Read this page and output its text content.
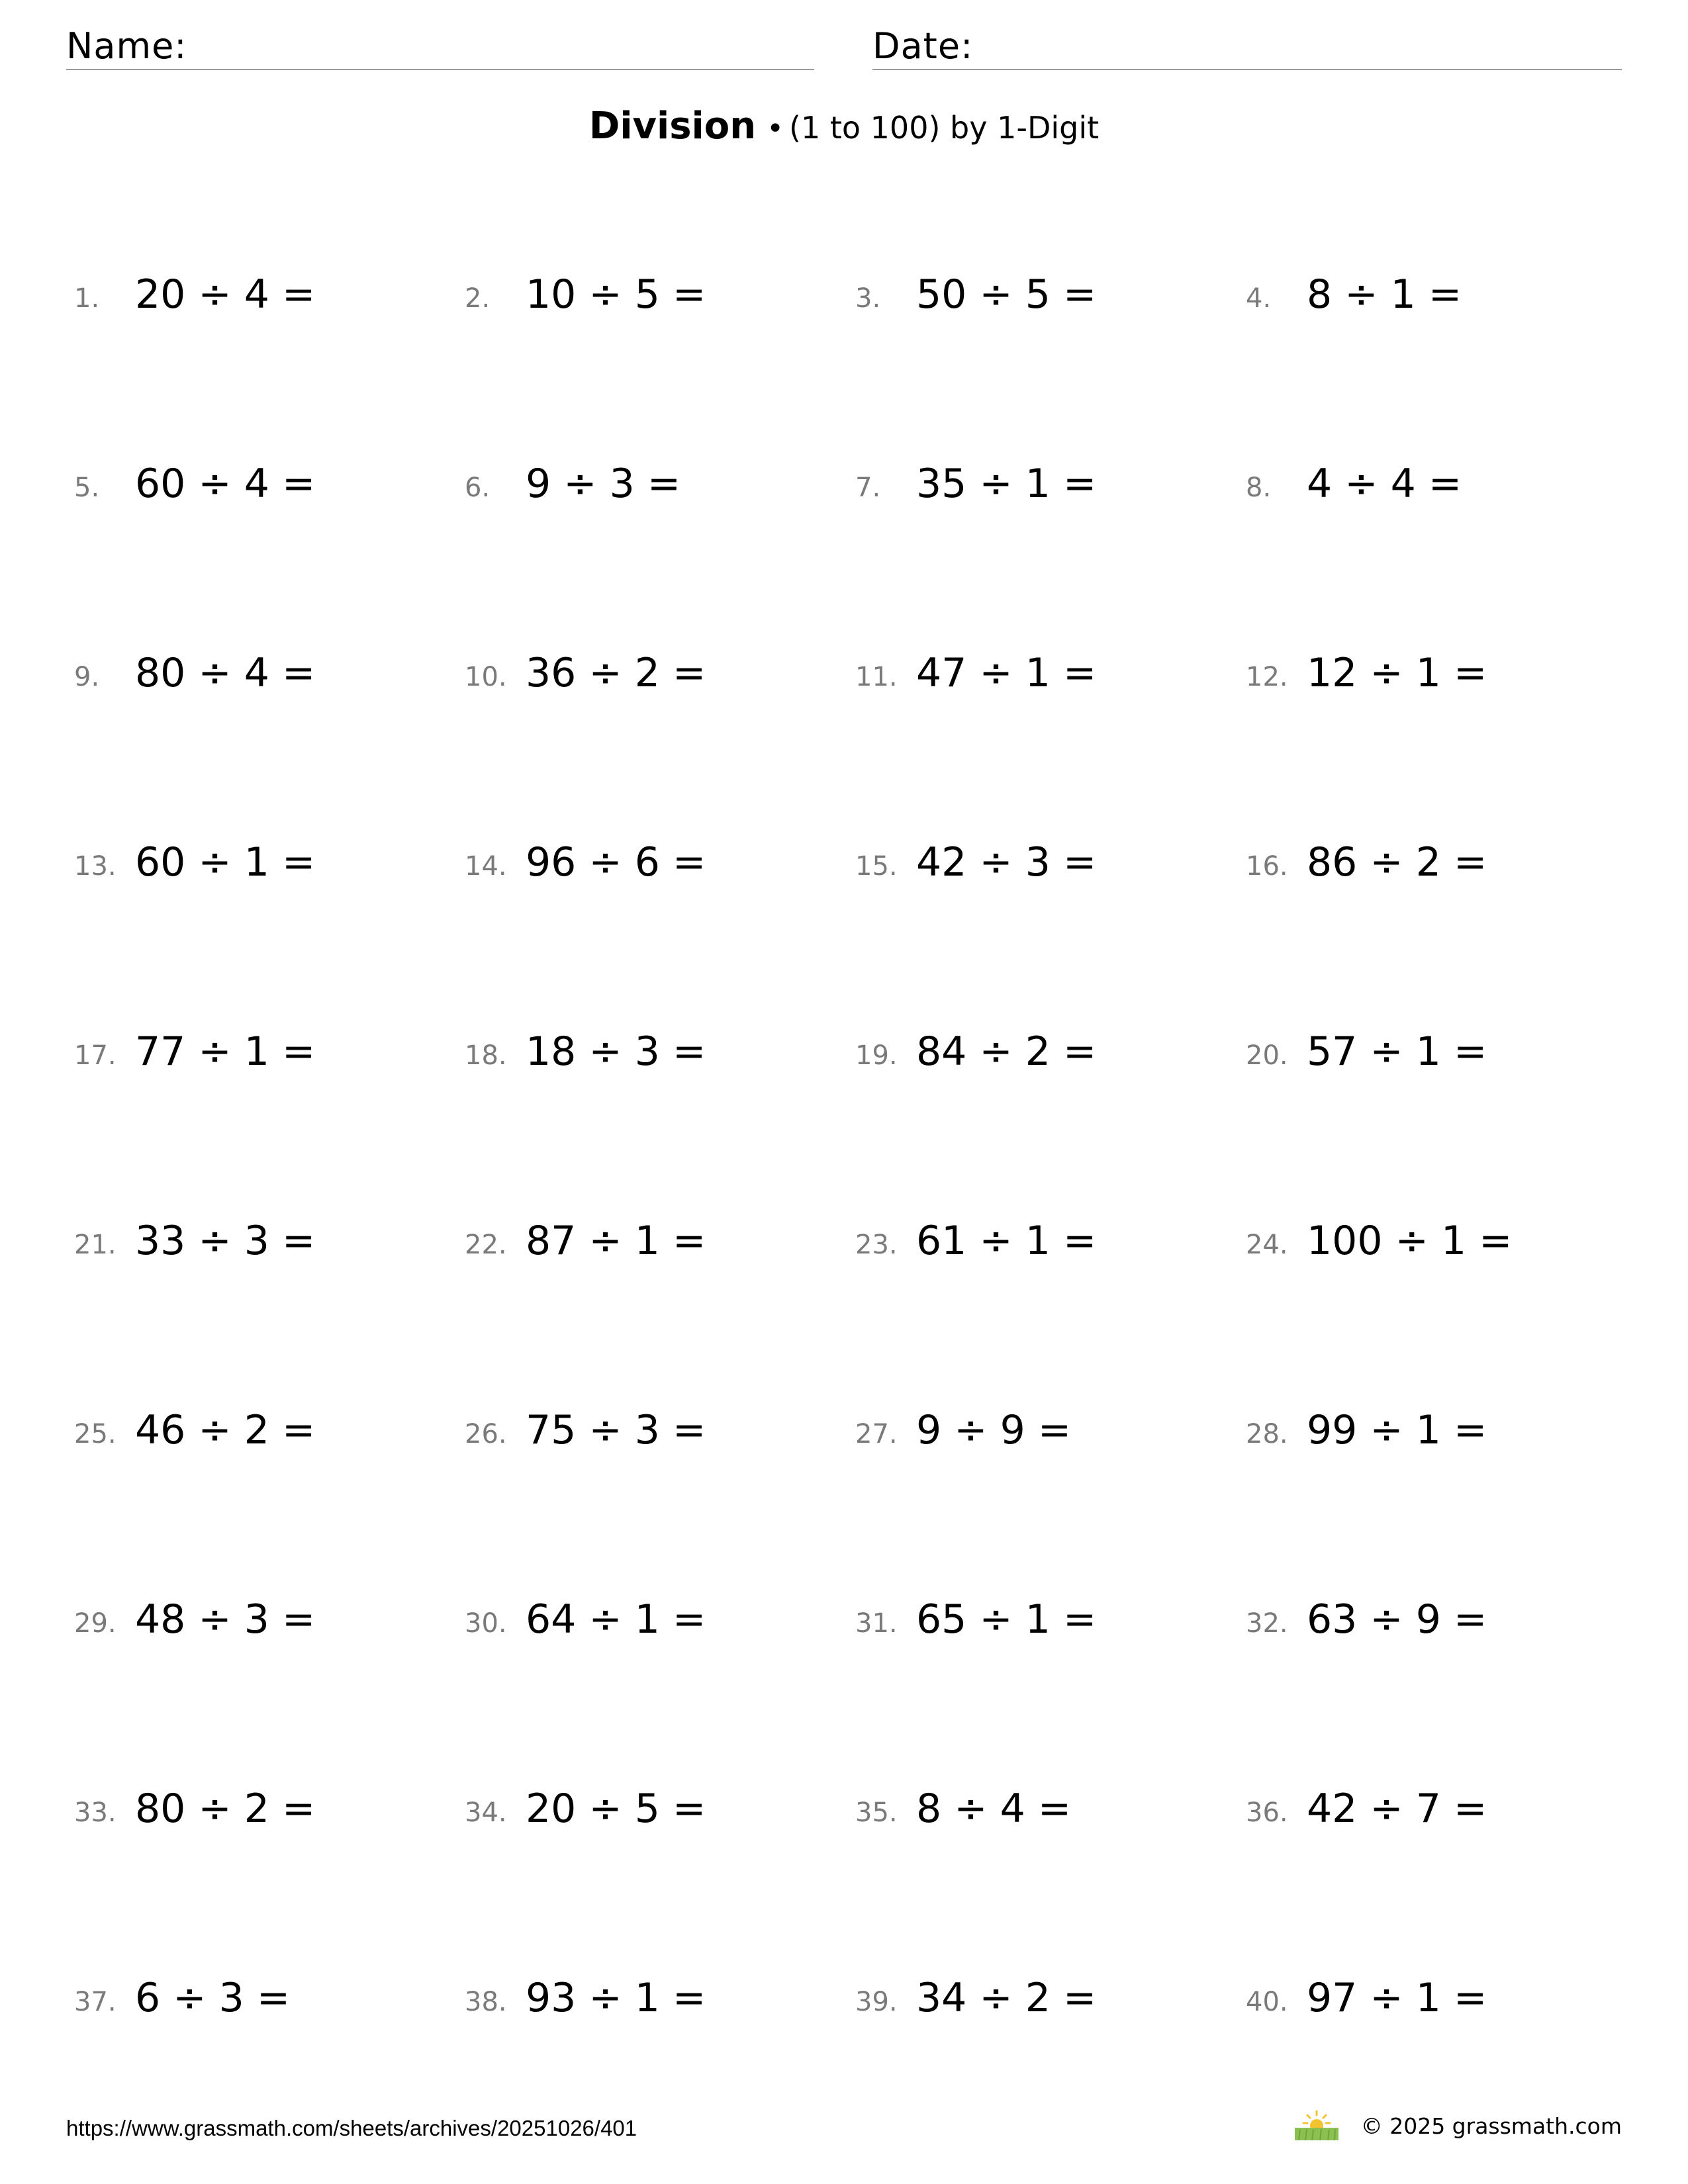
Name:	Date:
Division • (1 to 100) by 1-Digit
1. 20 ÷ 4 =	2. 10 ÷ 5 =	3. 50 ÷ 5 =	4. 8 ÷ 1 =
5. 60 ÷ 4 =	6. 9 ÷ 3 =	7. 35 ÷ 1 =	8. 4 ÷ 4 =
9. 80 ÷ 4 =	10. 36 ÷ 2 =	11. 47 ÷ 1 =	12. 12 ÷ 1 =
13. 60 ÷ 1 =	14. 96 ÷ 6 =	15. 42 ÷ 3 =	16. 86 ÷ 2 =
17. 77 ÷ 1 =	18. 18 ÷ 3 =	19. 84 ÷ 2 =	20. 57 ÷ 1 =
21. 33 ÷ 3 =	22. 87 ÷ 1 =	23. 61 ÷ 1 =	24. 100 ÷ 1 =
25. 46 ÷ 2 =	26. 75 ÷ 3 =	27. 9 ÷ 9 =	28. 99 ÷ 1 =
29. 48 ÷ 3 =	30. 64 ÷ 1 =	31. 65 ÷ 1 =	32. 63 ÷ 9 =
33. 80 ÷ 2 =	34. 20 ÷ 5 =	35. 8 ÷ 4 =	36. 42 ÷ 7 =
37. 6 ÷ 3 =	38. 93 ÷ 1 =	39. 34 ÷ 2 =	40. 97 ÷ 1 =
https://www.grassmath.com/sheets/archives/20251026/401	© 2025 grassmath.com
